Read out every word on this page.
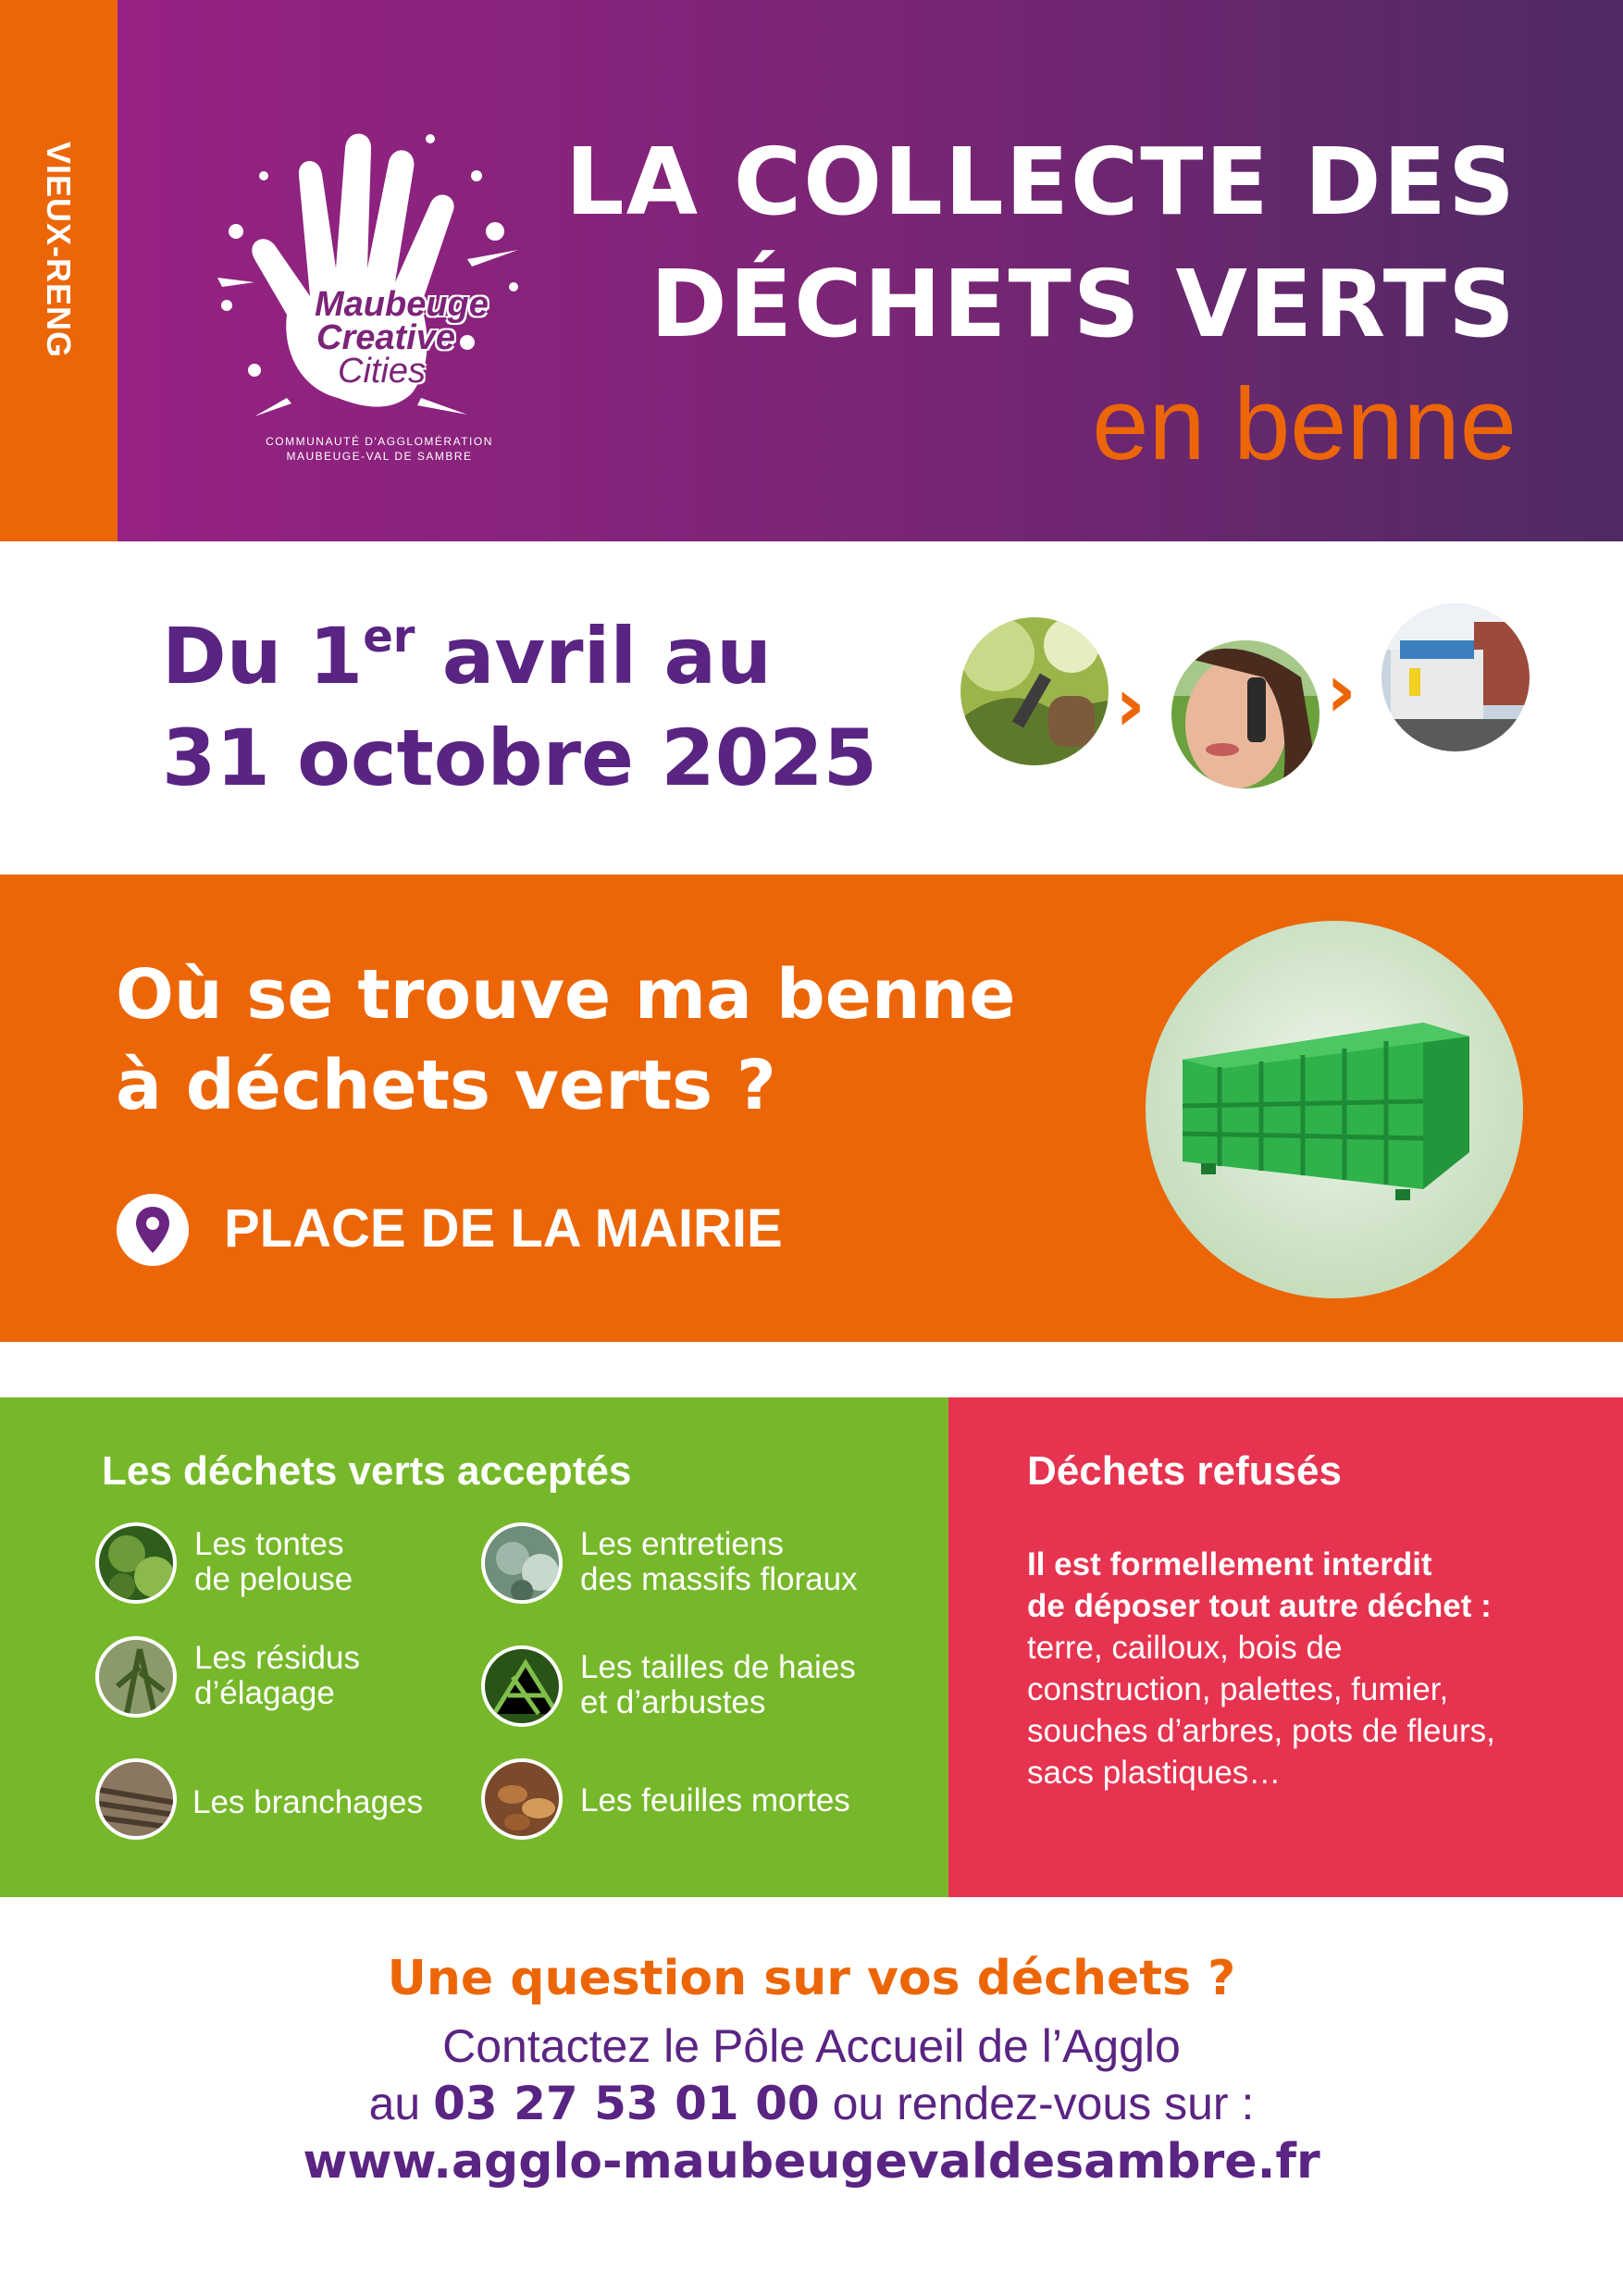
VIEUX-RENG	Maubeuge
Creative
Cities
COMMUNAUTÉ D'AGGLOMÉRATION
MAUBEUGE-VAL DE SAMBRE
LA COLLECTE DES
DÉCHETS VERTS
en benne
Du 1er avril au
31 octobre 2025
› ›
Où se trouve ma benne
à déchets verts ?
PLACE DE LA MAIRIE
Les déchets verts acceptés
Les tontes
de pelouse
Les entretiens
des massifs floraux
Les résidus
d’élagage
Les tailles de haies
et d’arbustes
Les branchages	Les feuilles mortes
Déchets refusés
Il est formellement interdit
de déposer tout autre déchet :
terre, cailloux, bois de
construction, palettes, fumier,
souches d’arbres, pots de fleurs,
sacs plastiques…
Une question sur vos déchets ?
Contactez le Pôle Accueil de l’Agglo
au 03 27 53 01 00 ou rendez-vous sur :
www.agglo-maubeugevaldesambre.fr
